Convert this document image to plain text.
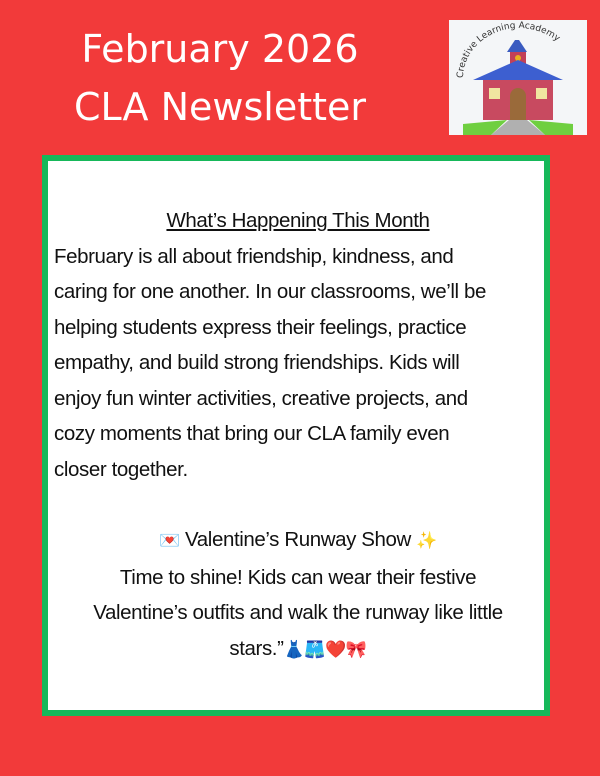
February 2026
CLA Newsletter
Creative Learning Academy
What’s Happening This Month
February is all about friendship, kindness, and
caring for one another. In our classrooms, we’ll be
helping students express their feelings, practice
empathy, and build strong friendships. Kids will
enjoy fun winter activities, creative projects, and
cozy moments that bring our CLA family even
closer together.
💌 Valentine’s Runway Show ✨
Time to shine! Kids can wear their festive
Valentine’s outfits and walk the runway like little
stars.”👗🩳❤️🎀
